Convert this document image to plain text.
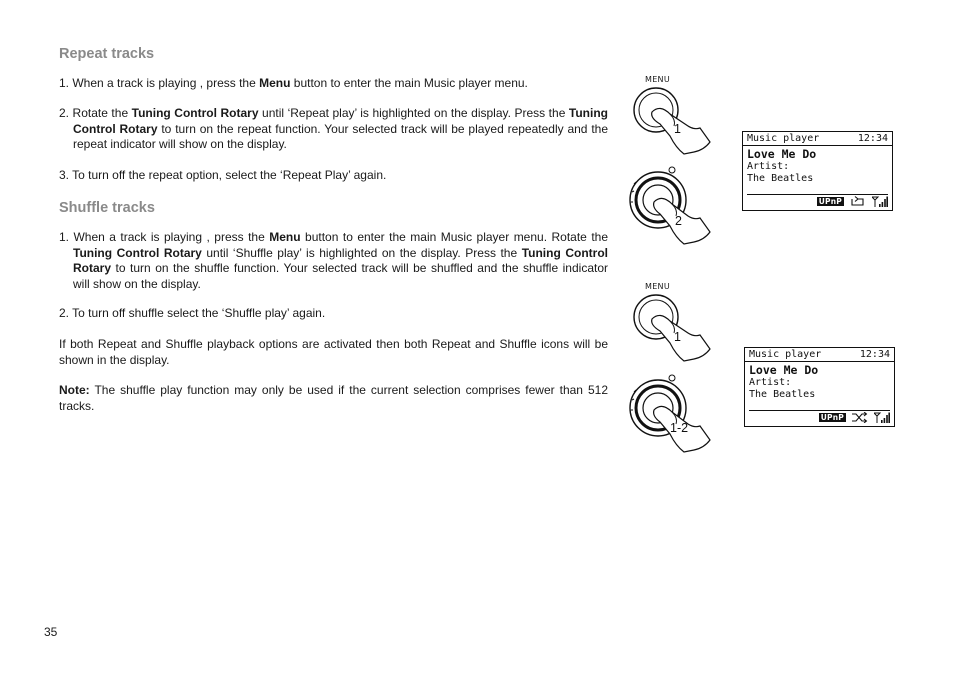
Repeat tracks

1. When a track is playing , press the Menu button to enter the main Music player menu.

2. Rotate the Tuning Control Rotary until ‘Repeat play’ is highlighted on the display. Press the Tuning Control Rotary to turn on the repeat function. Your selected track will be played repeatedly and the repeat indicator will show on the display.

3. To turn off the repeat option, select the ‘Repeat Play’ again.

Shuffle tracks

1. When a track is playing , press the Menu button to enter the main Music player menu. Rotate the Tuning Control Rotary until ‘Shuffle play’ is highlighted on the display. Press the Tuning Control Rotary to turn on the shuffle function. Your selected track will be shuffled and the shuffle indicator will show on the display.

2. To turn off shuffle select the ‘Shuffle play’ again.

If both Repeat and Shuffle playback options are activated then both Repeat and Shuffle icons will be shown in the display.

Note: The shuffle play function may only be used if the current selection comprises fewer than 512 tracks.

35
MENU
1
2
Music player	12:34
Love Me Do
Artist:
The Beatles
UPnP
MENU
1
1-2
Music player	12:34
Love Me Do
Artist:
The Beatles
UPnP
